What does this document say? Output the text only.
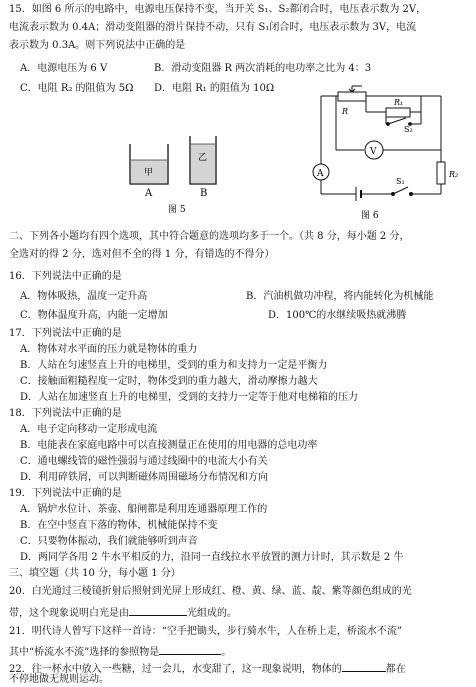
15．如图 6 所示的电路中，电源电压保持不变，当开关 S₁、S₂都闭合时，电压表示数为 2V，
电流表示数为 0.4A；滑动变阻器的滑片保持不动，只有 S₁闭合时，电压表示数为 3V，电流
表示数为 0.3A。则下列说法中正确的是
A．电源电压为 6 V	B．滑动变阻器 R 两次消耗的电功率之比为 4：3
C．电阻 R₂ 的阻值为 5Ω D．电阻 R₁ 的阻值为 10Ω
甲
乙
A	B
图 5
R
R₁
S₂
V
A	R₂
S₁
图 6
二、下列各小题均有四个选项，其中符合题意的选项均多于一个。（共 8 分，每小题 2 分，
全选对的得 2 分，选对但不全的得 1 分，有错选的不得分）
16．下列说法中正确的是
A．物体吸热，温度一定升高	B．汽油机做功冲程，将内能转化为机械能
C．物体温度升高，内能一定增加	D．100℃的水继续吸热就沸腾
17．下列说法中正确的是
A．物体对水平面的压力就是物体的重力
B．人站在匀速竖直上升的电梯里，受到的重力和支持力一定是平衡力
C．接触面粗糙程度一定时，物体受到的重力越大，滑动摩擦力越大
D．人站在加速竖直上升的电梯里，受到的支持力一定等于他对电梯箱的压力
18．下列说法中正确的是
A．电子定向移动一定形成电流
B．电能表在家庭电路中可以直接测量正在使用的用电器的总电功率
C．通电螺线管的磁性强弱与通过线圈中的电流大小有关
D．利用碎铁屑，可以判断磁体周围磁场分布情况和方向
19．下列说法中正确的是
A．锅炉水位计、茶壶、船闸都是利用连通器原理工作的
B．在空中竖直下落的物体，机械能保持不变
C．只要物体振动，我们就能够听到声音
D．两同学各用 2 牛水平相反的力，沿同一直线拉水平放置的测力计时，其示数是 2 牛
三、填空题（共 10 分，每小题 1 分）
20．白光通过三棱镜折射后照射到光屏上形成红、橙、黄、绿、蓝、靛、紫等颜色组成的光
带，这个现象说明白光是由	光组成的。
21．明代诗人曾写下这样一首诗：“空手把锄头，步行骑水牛，人在桥上走，桥流水不流”
其中“桥流水不流”选择的参照物是	。
22．往一杯水中放入一些糖，过一会儿，水变甜了，这一现象说明，物体的	都在
不停地做无规则运动。
